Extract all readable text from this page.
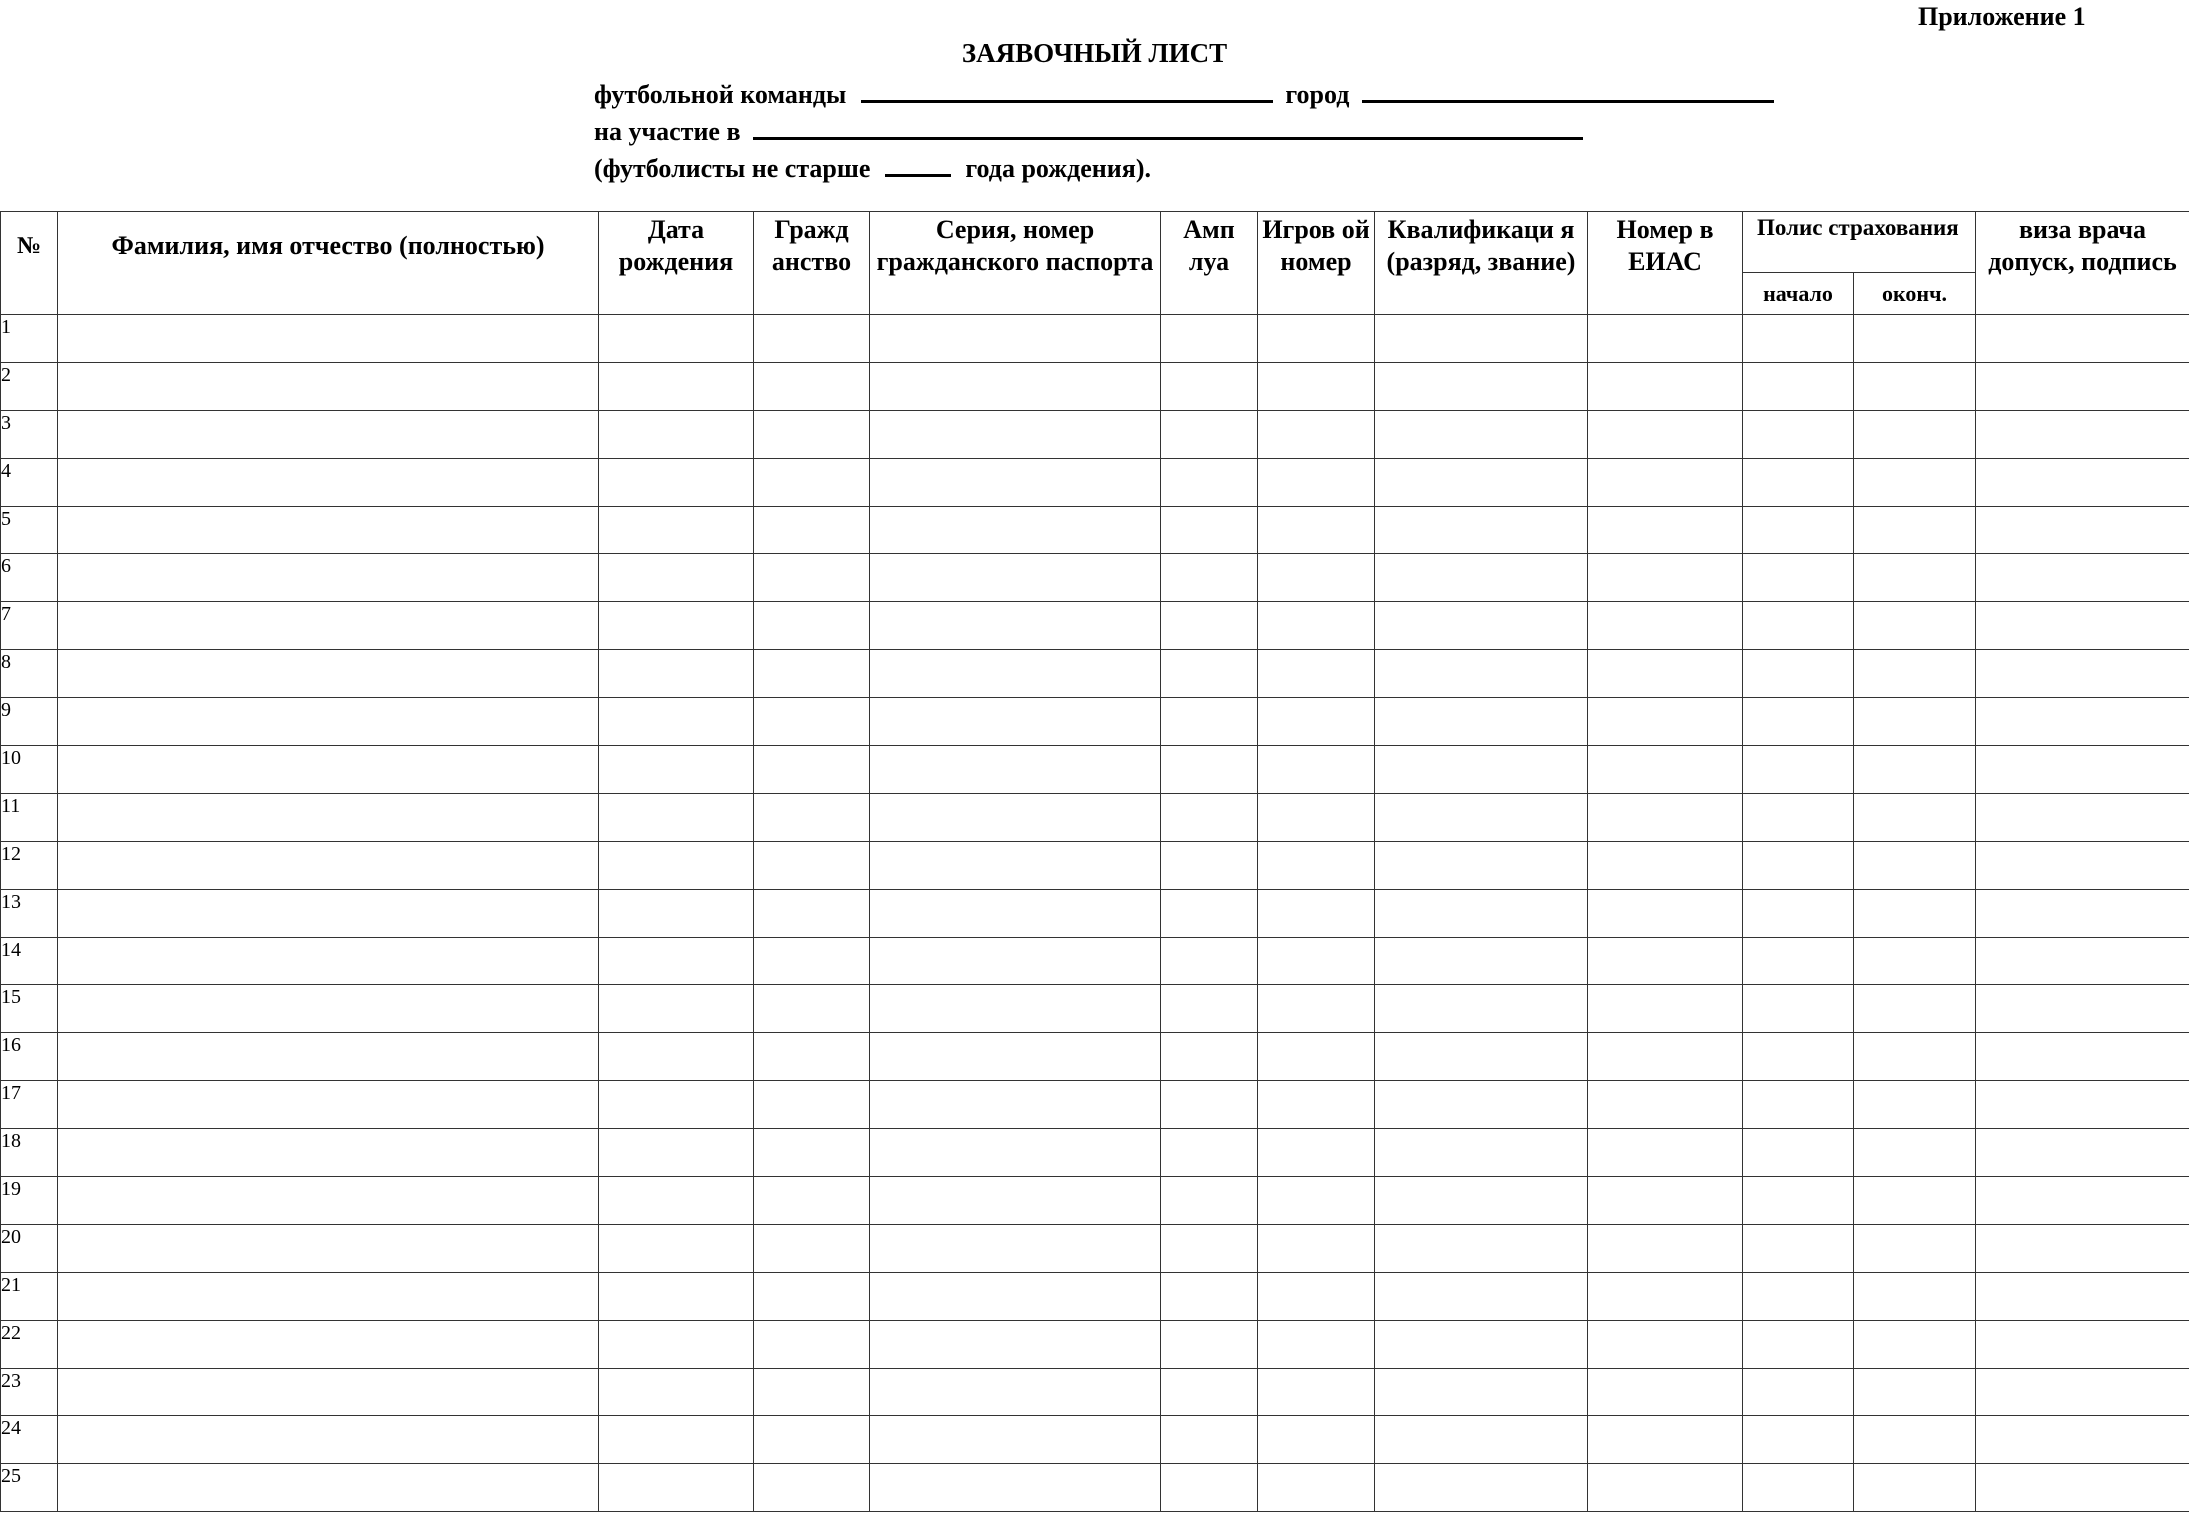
Приложение 1
ЗАЯВОЧНЫЙ ЛИСТ
футбольной команды	город
на участие в
(футболисты не старше	года рождения).
№	Фамилия, имя отчество (полностью)	Дата рождения	Гражд анство	Серия, номер гражданского паспорта	Амп луа	Игров ой номер	Квалификаци я (разряд, звание)	Номер в ЕИАС	Полис страхования		виза врача допуск, подпись
									начало	оконч.	
1											
2											
3											
4											
5											
6											
7											
8											
9											
10											
11											
12											
13											
14											
15											
16											
17											
18											
19											
20											
21											
22											
23											
24											
25											
